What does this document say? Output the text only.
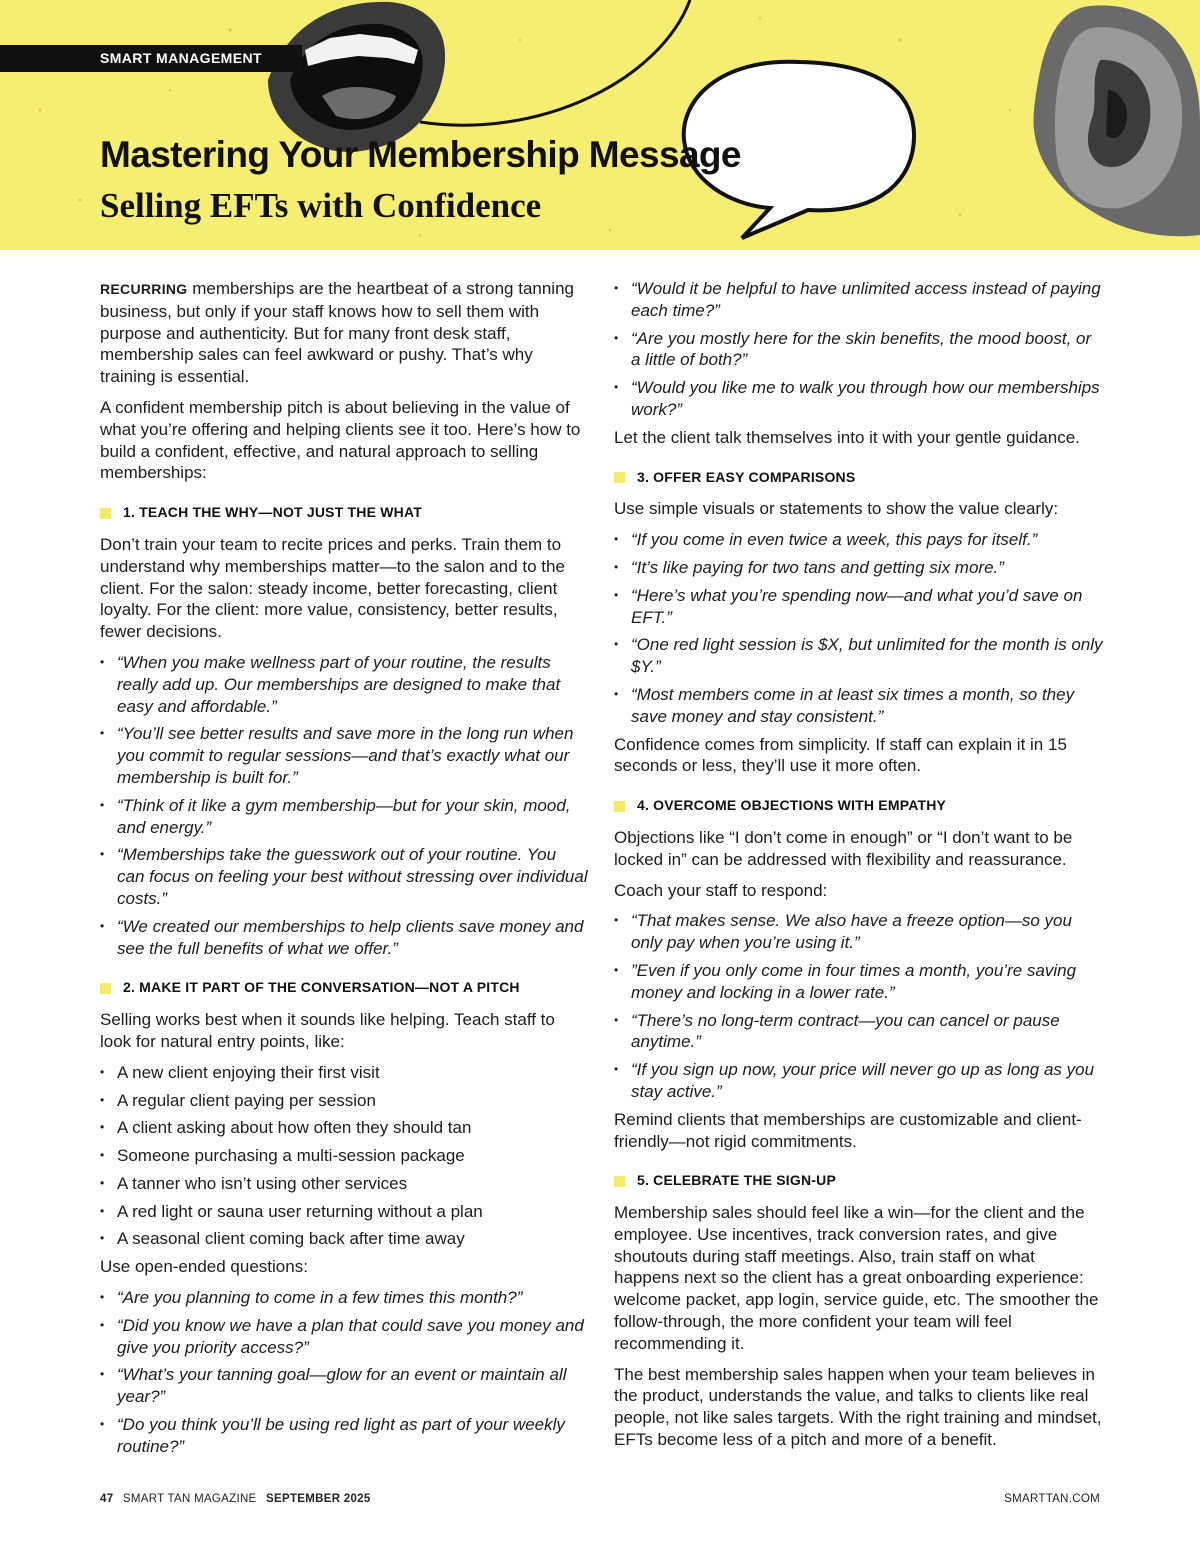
SMART MANAGEMENT
Mastering Your Membership Message
Selling EFTs with Confidence

RECURRING memberships are the heartbeat of a strong tanning business, but only if your staff knows how to sell them with purpose and authenticity. But for many front desk staff, membership sales can feel awkward or pushy. That’s why training is essential.

A confident membership pitch is about believing in the value of what you’re offering and helping clients see it too. Here’s how to build a confident, effective, and natural approach to selling memberships:

1. TEACH THE WHY—NOT JUST THE WHAT

Don’t train your team to recite prices and perks. Train them to understand why memberships matter—to the salon and to the client. For the salon: steady income, better forecasting, client loyalty. For the client: more value, consistency, better results, fewer decisions.

• “When you make wellness part of your routine, the results really add up. Our memberships are designed to make that easy and affordable.”
• “You’ll see better results and save more in the long run when you commit to regular sessions—and that’s exactly what our membership is built for.”
• “Think of it like a gym membership—but for your skin, mood, and energy.”
• “Memberships take the guesswork out of your routine. You can focus on feeling your best without stressing over individual costs.”
• “We created our memberships to help clients save money and see the full benefits of what we offer.”
2. MAKE IT PART OF THE CONVERSATION—NOT A PITCH

Selling works best when it sounds like helping. Teach staff to look for natural entry points, like:

• A new client enjoying their first visit
• A regular client paying per session
• A client asking about how often they should tan
• Someone purchasing a multi-session package
• A tanner who isn’t using other services
• A red light or sauna user returning without a plan
• A seasonal client coming back after time away

Use open-ended questions:

• “Are you planning to come in a few times this month?”
• “Did you know we have a plan that could save you money and give you priority access?”
• “What’s your tanning goal—glow for an event or maintain all year?”
• “Do you think you’ll be using red light as part of your weekly routine?”
• “Would it be helpful to have unlimited access instead of paying each time?”
• “Are you mostly here for the skin benefits, the mood boost, or a little of both?”
• “Would you like me to walk you through how our memberships work?”

Let the client talk themselves into it with your gentle guidance.

3. OFFER EASY COMPARISONS

Use simple visuals or statements to show the value clearly:

• “If you come in even twice a week, this pays for itself.”
• “It’s like paying for two tans and getting six more.”
• “Here’s what you’re spending now—and what you’d save on EFT.”
• “One red light session is $X, but unlimited for the month is only $Y.”
• “Most members come in at least six times a month, so they save money and stay consistent.”

Confidence comes from simplicity. If staff can explain it in 15 seconds or less, they’ll use it more often.

4. OVERCOME OBJECTIONS WITH EMPATHY

Objections like “I don’t come in enough” or “I don’t want to be locked in” can be addressed with flexibility and reassurance.

Coach your staff to respond:

• “That makes sense. We also have a freeze option—so you only pay when you’re using it.”
• ”Even if you only come in four times a month, you’re saving money and locking in a lower rate.”
• “There’s no long-term contract—you can cancel or pause anytime.”
• “If you sign up now, your price will never go up as long as you stay active.”

Remind clients that memberships are customizable and client-friendly—not rigid commitments.

5. CELEBRATE THE SIGN-UP

Membership sales should feel like a win—for the client and the employee. Use incentives, track conversion rates, and give shoutouts during staff meetings. Also, train staff on what happens next so the client has a great onboarding experience: welcome packet, app login, service guide, etc. The smoother the follow-through, the more confident your team will feel recommending it.

The best membership sales happen when your team believes in the product, understands the value, and talks to clients like real people, not like sales targets. With the right training and mindset, EFTs become less of a pitch and more of a benefit.

47 SMART TAN MAGAZINE SEPTEMBER 2025	SMARTTAN.COM
